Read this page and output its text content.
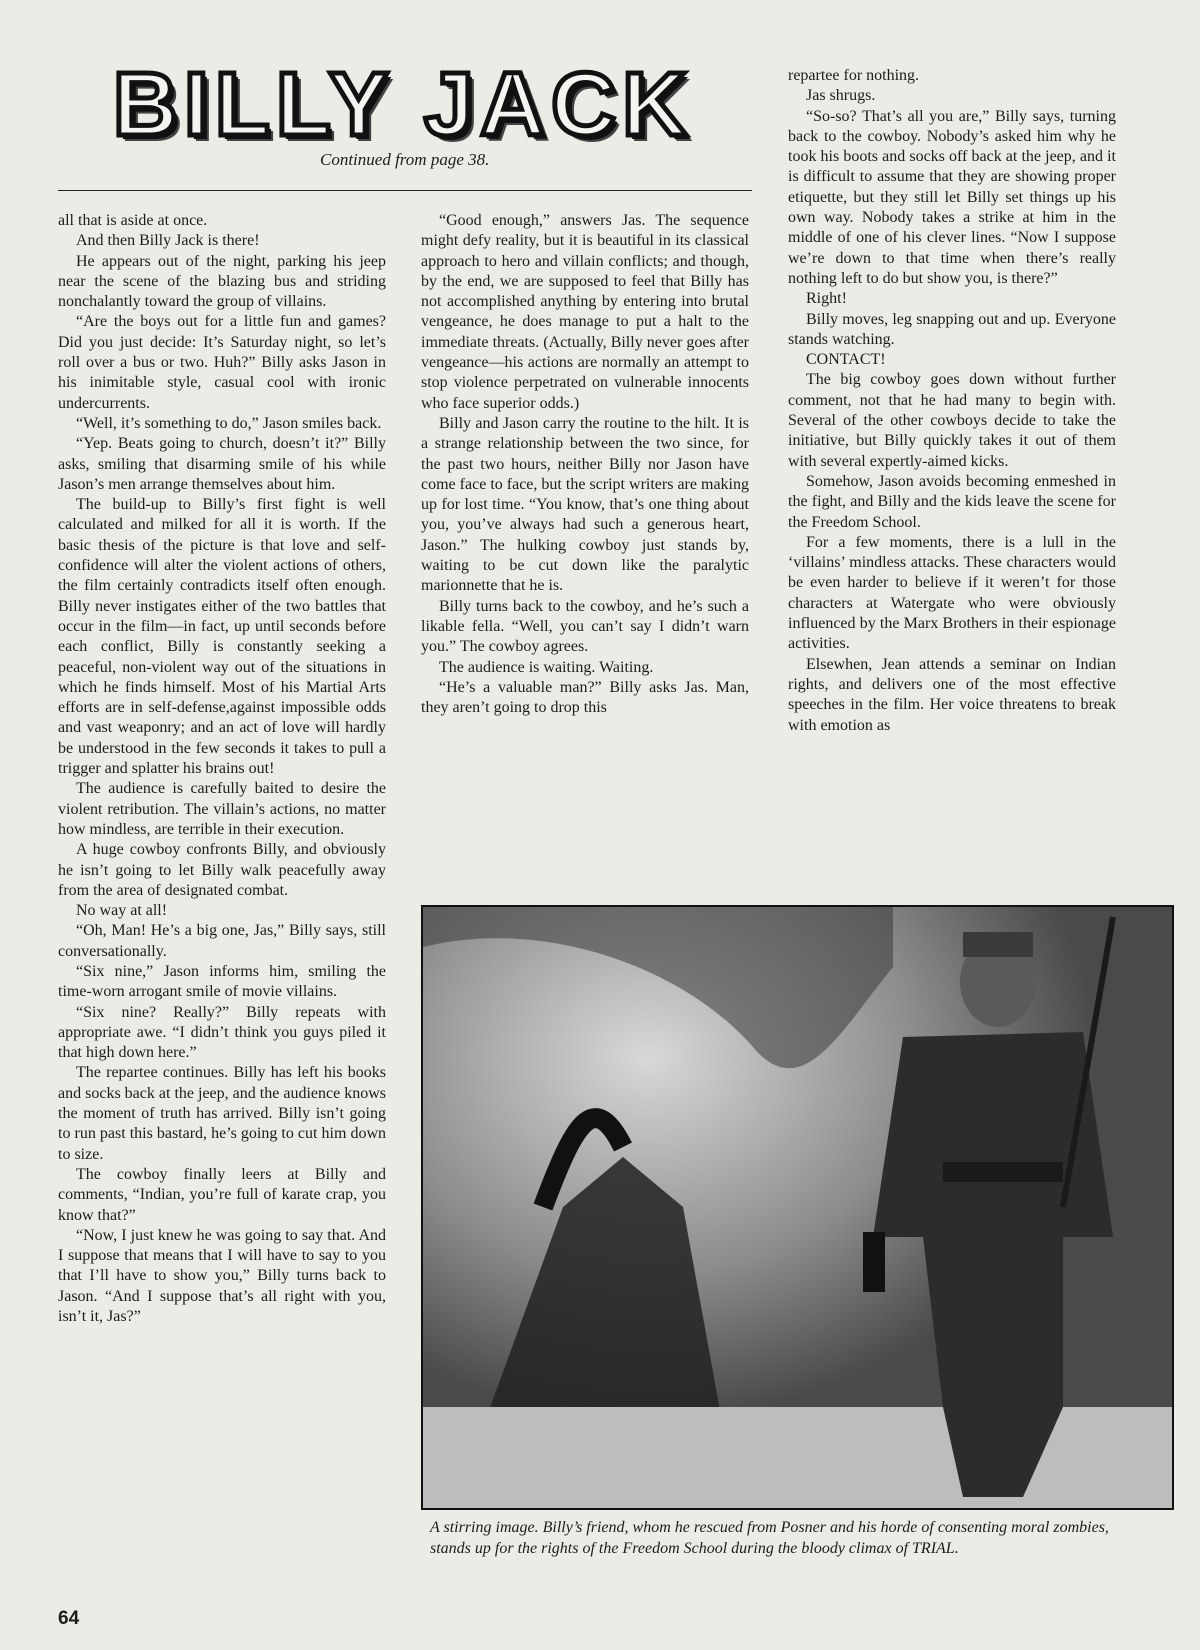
BILLY JACK
Continued from page 38.

all that is aside at once.

And then Billy Jack is there!

He appears out of the night, parking his jeep near the scene of the blazing bus and striding nonchalantly toward the group of villains.

“Are the boys out for a little fun and games? Did you just decide: It’s Saturday night, so let’s roll over a bus or two. Huh?” Billy asks Jason in his inimitable style, casual cool with ironic undercurrents.

“Well, it’s something to do,” Jason smiles back.

“Yep. Beats going to church, doesn’t it?” Billy asks, smiling that disarming smile of his while Jason’s men arrange themselves about him.

The build-up to Billy’s first fight is well calculated and milked for all it is worth. If the basic thesis of the picture is that love and self-confidence will alter the violent actions of others, the film certainly contradicts itself often enough. Billy never instigates either of the two battles that occur in the film—in fact, up until seconds before each conflict, Billy is constantly seeking a peaceful, non-violent way out of the situations in which he finds himself. Most of his Martial Arts efforts are in self-defense,against impossible odds and vast weaponry; and an act of love will hardly be understood in the few seconds it takes to pull a trigger and splatter his brains out!

The audience is carefully baited to desire the violent retribution. The villain’s actions, no matter how mindless, are terrible in their execution.

A huge cowboy confronts Billy, and obviously he isn’t going to let Billy walk peacefully away from the area of designated combat.

No way at all!

“Oh, Man! He’s a big one, Jas,” Billy says, still conversationally.

“Six nine,” Jason informs him, smiling the time-worn arrogant smile of movie villains.

“Six nine? Really?” Billy repeats with appropriate awe. “I didn’t think you guys piled it that high down here.”

The repartee continues. Billy has left his books and socks back at the jeep, and the audience knows the moment of truth has arrived. Billy isn’t going to run past this bastard, he’s going to cut him down to size.

The cowboy finally leers at Billy and comments, “Indian, you’re full of karate crap, you know that?”

“Now, I just knew he was going to say that. And I suppose that means that I will have to say to you that I’ll have to show you,” Billy turns back to Jason. “And I suppose that’s all right with you, isn’t it, Jas?”

“Good enough,” answers Jas. The sequence might defy reality, but it is beautiful in its classical approach to hero and villain conflicts; and though, by the end, we are supposed to feel that Billy has not accomplished anything by entering into brutal vengeance, he does manage to put a halt to the immediate threats. (Actually, Billy never goes after vengeance—his actions are normally an attempt to stop violence perpetrated on vulnerable innocents who face superior odds.)

Billy and Jason carry the routine to the hilt. It is a strange relationship between the two since, for the past two hours, neither Billy nor Jason have come face to face, but the script writers are making up for lost time. “You know, that’s one thing about you, you’ve always had such a generous heart, Jason.” The hulking cowboy just stands by, waiting to be cut down like the paralytic marionnette that he is.

Billy turns back to the cowboy, and he’s such a likable fella. “Well, you can’t say I didn’t warn you.” The cowboy agrees.

The audience is waiting. Waiting.

“He’s a valuable man?” Billy asks Jas. Man, they aren’t going to drop this

repartee for nothing.

Jas shrugs.

“So-so? That’s all you are,” Billy says, turning back to the cowboy. Nobody’s asked him why he took his boots and socks off back at the jeep, and it is difficult to assume that they are showing proper etiquette, but they still let Billy set things up his own way. Nobody takes a strike at him in the middle of one of his clever lines. “Now I suppose we’re down to that time when there’s really nothing left to do but show you, is there?”

Right!

Billy moves, leg snapping out and up. Everyone stands watching.

CONTACT!

The big cowboy goes down without further comment, not that he had many to begin with. Several of the other cowboys decide to take the initiative, but Billy quickly takes it out of them with several expertly-aimed kicks.

Somehow, Jason avoids becoming enmeshed in the fight, and Billy and the kids leave the scene for the Freedom School.

For a few moments, there is a lull in the ‘villains’ mindless attacks. These characters would be even harder to believe if it weren’t for those characters at Watergate who were obviously influenced by the Marx Brothers in their espionage activities.

Elsewhen, Jean attends a seminar on Indian rights, and delivers one of the most effective speeches in the film. Her voice threatens to break with emotion as

A stirring image. Billy’s friend, whom he rescued from Posner and his horde of consenting moral zombies, stands up for the rights of the Freedom School during the bloody climax of TRIAL.
64
